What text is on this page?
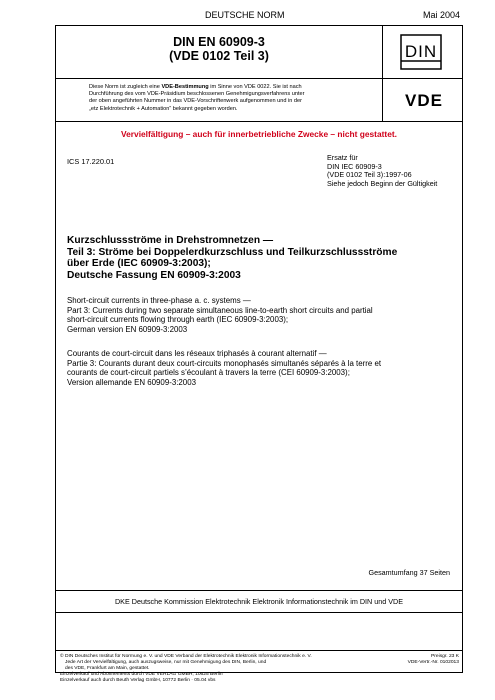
DEUTSCHE NORM	Mai 2004
DIN EN 60909-3
(VDE 0102 Teil 3)	DIN
VDE
Diese Norm ist zugleich eine VDE-Bestimmung im Sinne von VDE 0022. Sie ist nach
Durchführung des vom VDE-Präsidium beschlossenen Genehmigungsverfahrens unter
der oben angeführten Nummer in das VDE-Vorschriftenwerk aufgenommen und in der
„etz Elektrotechnik + Automation“ bekannt gegeben worden.
Vervielfältigung – auch für innerbetriebliche Zwecke – nicht gestattet.
ICS 17.220.01	Ersatz für
DIN IEC 60909-3
(VDE 0102 Teil 3):1997-06
Siehe jedoch Beginn der Gültigkeit
Kurzschlussströme in Drehstromnetzen —
Teil 3: Ströme bei Doppelerdkurzschluss und Teilkurzschlussströme
über Erde (IEC 60909-3:2003);
Deutsche Fassung EN 60909-3:2003
Short-circuit currents in three-phase a. c. systems —
Part 3: Currents during two separate simultaneous line-to-earth short circuits and partial
short-circuit currents flowing through earth (IEC 60909-3:2003);
German version EN 60909-3:2003
Courants de court-circuit dans les réseaux triphasés à courant alternatif —
Partie 3: Courants durant deux court-circuits monophasés simultanés séparés à la terre et
courants de court-circuit partiels s’écoulant à travers la terre (CEI 60909-3:2003);
Version allemande EN 60909-3:2003
Gesamtumfang 37 Seiten
DKE Deutsche Kommission Elektrotechnik Elektronik Informationstechnik im DIN und VDE
© DIN Deutsches Institut für Normung e. V. und VDE Verband der Elektrotechnik Elektronik Informationstechnik e. V.
Jede Art der Vervielfältigung, auch auszugsweise, nur mit Genehmigung des DIN, Berlin, und
des VDE, Frankfurt am Main, gestattet.
Einzelverkauf und Abonnements durch VDE VERLAG GMBH, 10625 Berlin
Einzelverkauf auch durch Beuth Verlag GmbH, 10772 Berlin · 05.04 vbs
Preisgr. 23 K
VDE-Vertr.-Nr. 0102013
